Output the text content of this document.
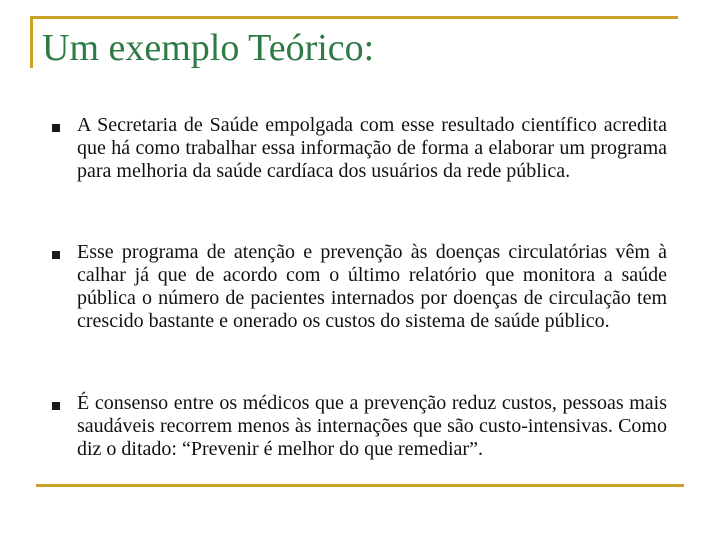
Um exemplo Teórico:

A Secretaria de Saúde empolgada com esse resultado científico acredita que há como trabalhar essa informação de forma a elaborar um programa para melhoria da saúde cardíaca dos usuários da rede pública.

Esse programa de atenção e prevenção às doenças circulatórias vêm à calhar já que de acordo com o último relatório que monitora a saúde pública o número de pacientes internados por doenças de circulação tem crescido bastante e onerado os custos do sistema de saúde público.

É consenso entre os médicos que a prevenção reduz custos, pessoas mais saudáveis recorrem menos às internações que são custo-intensivas. Como diz o ditado: “Prevenir é melhor do que remediar”.
